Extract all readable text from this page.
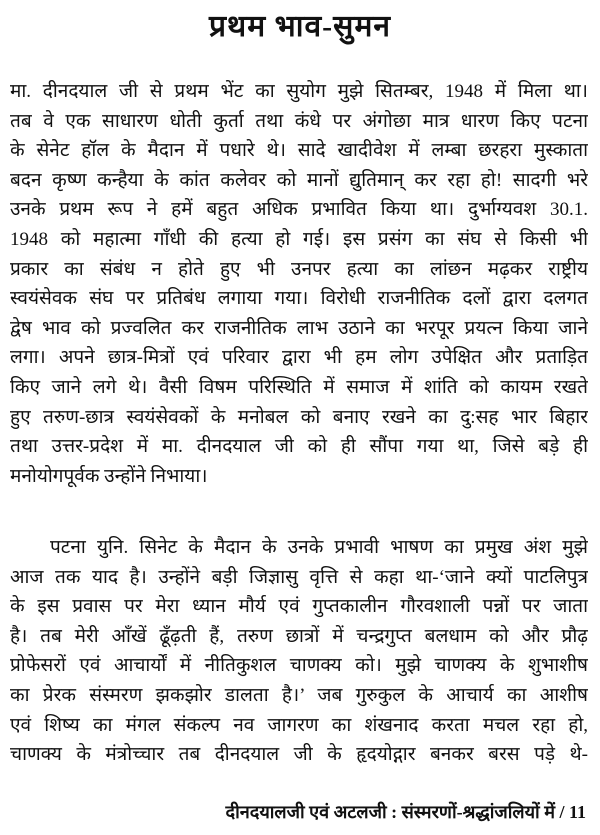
प्रथम भाव-सुमन
मा. दीनदयाल जी से प्रथम भेंट का सुयोग मुझे सितम्बर, 1948 में मिला था।
तब वे एक साधारण धोती कुर्ता तथा कंधे पर अंगोछा मात्र धारण किए पटना
के सेनेट हॉल के मैदान में पधारे थे। सादे खादीवेश में लम्बा छरहरा मुस्काता
बदन कृष्ण कन्हैया के कांत कलेवर को मानों द्युतिमान् कर रहा हो! सादगी भरे
उनके प्रथम रूप ने हमें बहुत अधिक प्रभावित किया था। दुर्भाग्यवश 30.1.
1948 को महात्मा गाँधी की हत्या हो गई। इस प्रसंग का संघ से किसी भी
प्रकार का संबंध न होते हुए भी उनपर हत्या का लांछन मढ़कर राष्ट्रीय
स्वयंसेवक संघ पर प्रतिबंध लगाया गया। विरोधी राजनीतिक दलों द्वारा दलगत
द्वेष भाव को प्रज्वलित कर राजनीतिक लाभ उठाने का भरपूर प्रयत्न किया जाने
लगा। अपने छात्र-मित्रों एवं परिवार द्वारा भी हम लोग उपेक्षित और प्रताड़ित
किए जाने लगे थे। वैसी विषम परिस्थिति में समाज में शांति को कायम रखते
हुए तरुण-छात्र स्वयंसेवकों के मनोबल को बनाए रखने का दु:सह भार बिहार
तथा उत्तर-प्रदेश में मा. दीनदयाल जी को ही सौंपा गया था, जिसे बड़े ही
मनोयोगपूर्वक उन्होंने निभाया।
पटना युनि. सिनेट के मैदान के उनके प्रभावी भाषण का प्रमुख अंश मुझे
आज तक याद है। उन्होंने बड़ी जिज्ञासु वृत्ति से कहा था-‘जाने क्यों पाटलिपुत्र
के इस प्रवास पर मेरा ध्यान मौर्य एवं गुप्तकालीन गौरवशाली पन्नों पर जाता
है। तब मेरी आँखें ढूँढ़ती हैं, तरुण छात्रों में चन्द्रगुप्त बलधाम को और प्रौढ़
प्रोफेसरों एवं आचार्यों में नीतिकुशल चाणक्य को। मुझे चाणक्य के शुभाशीष
का प्रेरक संस्मरण झकझोर डालता है।’ जब गुरुकुल के आचार्य का आशीष
एवं शिष्य का मंगल संकल्प नव जागरण का शंखनाद करता मचल रहा हो,
चाणक्य के मंत्रोच्चार तब दीनदयाल जी के हृदयोद्गार बनकर बरस पड़े थे-
दीनदयालजी एवं अटलजी : संस्मरणों-श्रद्धांजलियों में / 11
